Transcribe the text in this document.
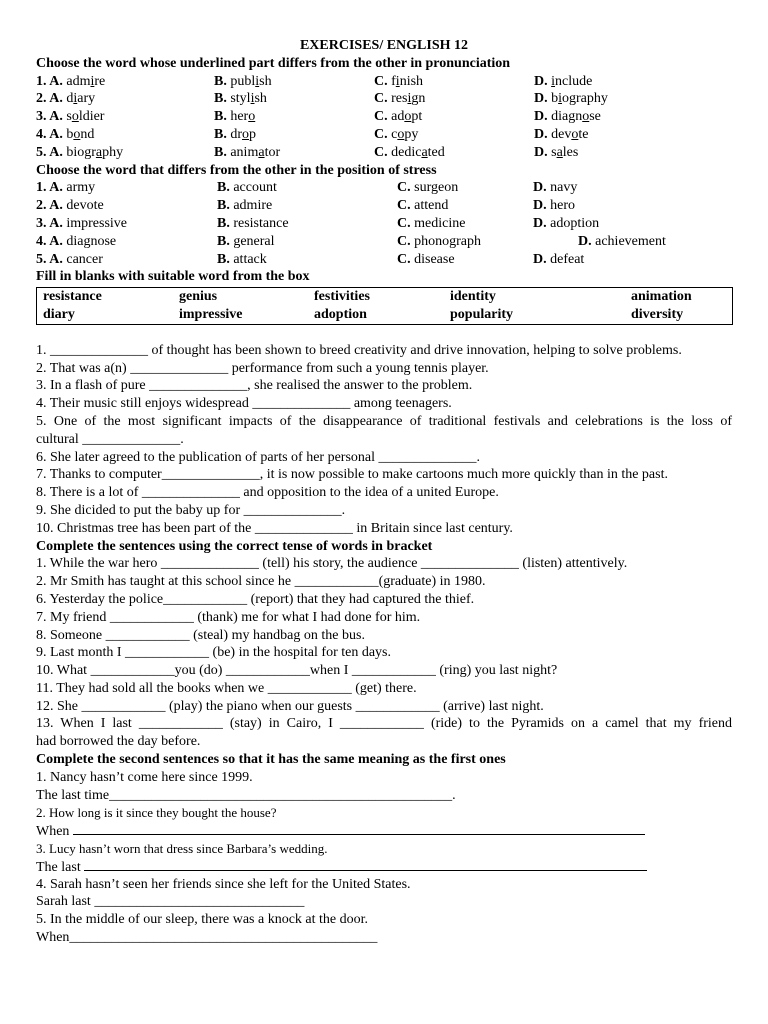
EXERCISES/ ENGLISH 12
Choose the word whose underlined part differs from the other in pronunciation
1. A. admire	B. publish	C. finish	D. include
2. A. diary	B. stylish	C. resign	D. biography
3. A. soldier	B. hero	C. adopt	D. diagnose
4. A. bond	B. drop	C. copy	D. devote
5. A. biography	B. animator	C. dedicated	D. sales
Choose the word that differs from the other in the position of stress
1. A. army	B. account	C. surgeon	D. navy
2. A. devote	B. admire	C. attend	D. hero
3. A. impressive	B. resistance	C. medicine	D. adoption
4. A. diagnose	B. general	C. phonograph	D. achievement
5. A. cancer	B. attack	C. disease	D. defeat
Fill in blanks with suitable word from the box
resistance	genius	festivities	identity	animation
diary	impressive	adoption	popularity	diversity
1. ______________ of thought has been shown to breed creativity and drive innovation, helping to solve problems.
2. That was a(n) ______________ performance from such a young tennis player.
3. In a flash of pure ______________, she realised the answer to the problem.
4. Their music still enjoys widespread ______________ among teenagers.
5. One of the most significant impacts of the disappearance of traditional festivals and celebrations is the loss of
cultural ______________.
6. She later agreed to the publication of parts of her personal ______________.
7. Thanks to computer______________, it is now possible to make cartoons much more quickly than in the past.
8. There is a lot of ______________ and opposition to the idea of a united Europe.
9. She dicided to put the baby up for ______________.
10. Christmas tree has been part of the ______________ in Britain since last century.
Complete the sentences using the correct tense of words in bracket
1. While the war hero ______________ (tell) his story, the audience ______________ (listen) attentively.
2. Mr Smith has taught at this school since he ____________(graduate) in 1980.
6. Yesterday the police____________ (report) that they had captured the thief.
7. My friend ____________ (thank) me for what I had done for him.
8. Someone ____________ (steal) my handbag on the bus.
9. Last month I ____________ (be) in the hospital for ten days.
10. What ____________you (do) ____________when I ____________ (ring) you last night?
11. They had sold all the books when we ____________ (get) there.
12. She ____________ (play) the piano when our guests ____________ (arrive) last night.
13. When I last ____________ (stay) in Cairo, I ____________ (ride) to the Pyramids on a camel that my friend
had borrowed the day before.
Complete the second sentences so that it has the same meaning as the first ones
1. Nancy hasn’t come here since 1999.
The last time_________________________________________________.
2. How long is it since they bought the house?
When
3. Lucy hasn’t worn that dress since Barbara’s wedding.
The last
4. Sarah hasn’t seen her friends since she left for the United States.
Sarah last ______________________________
5. In the middle of our sleep, there was a knock at the door.
When____________________________________________
